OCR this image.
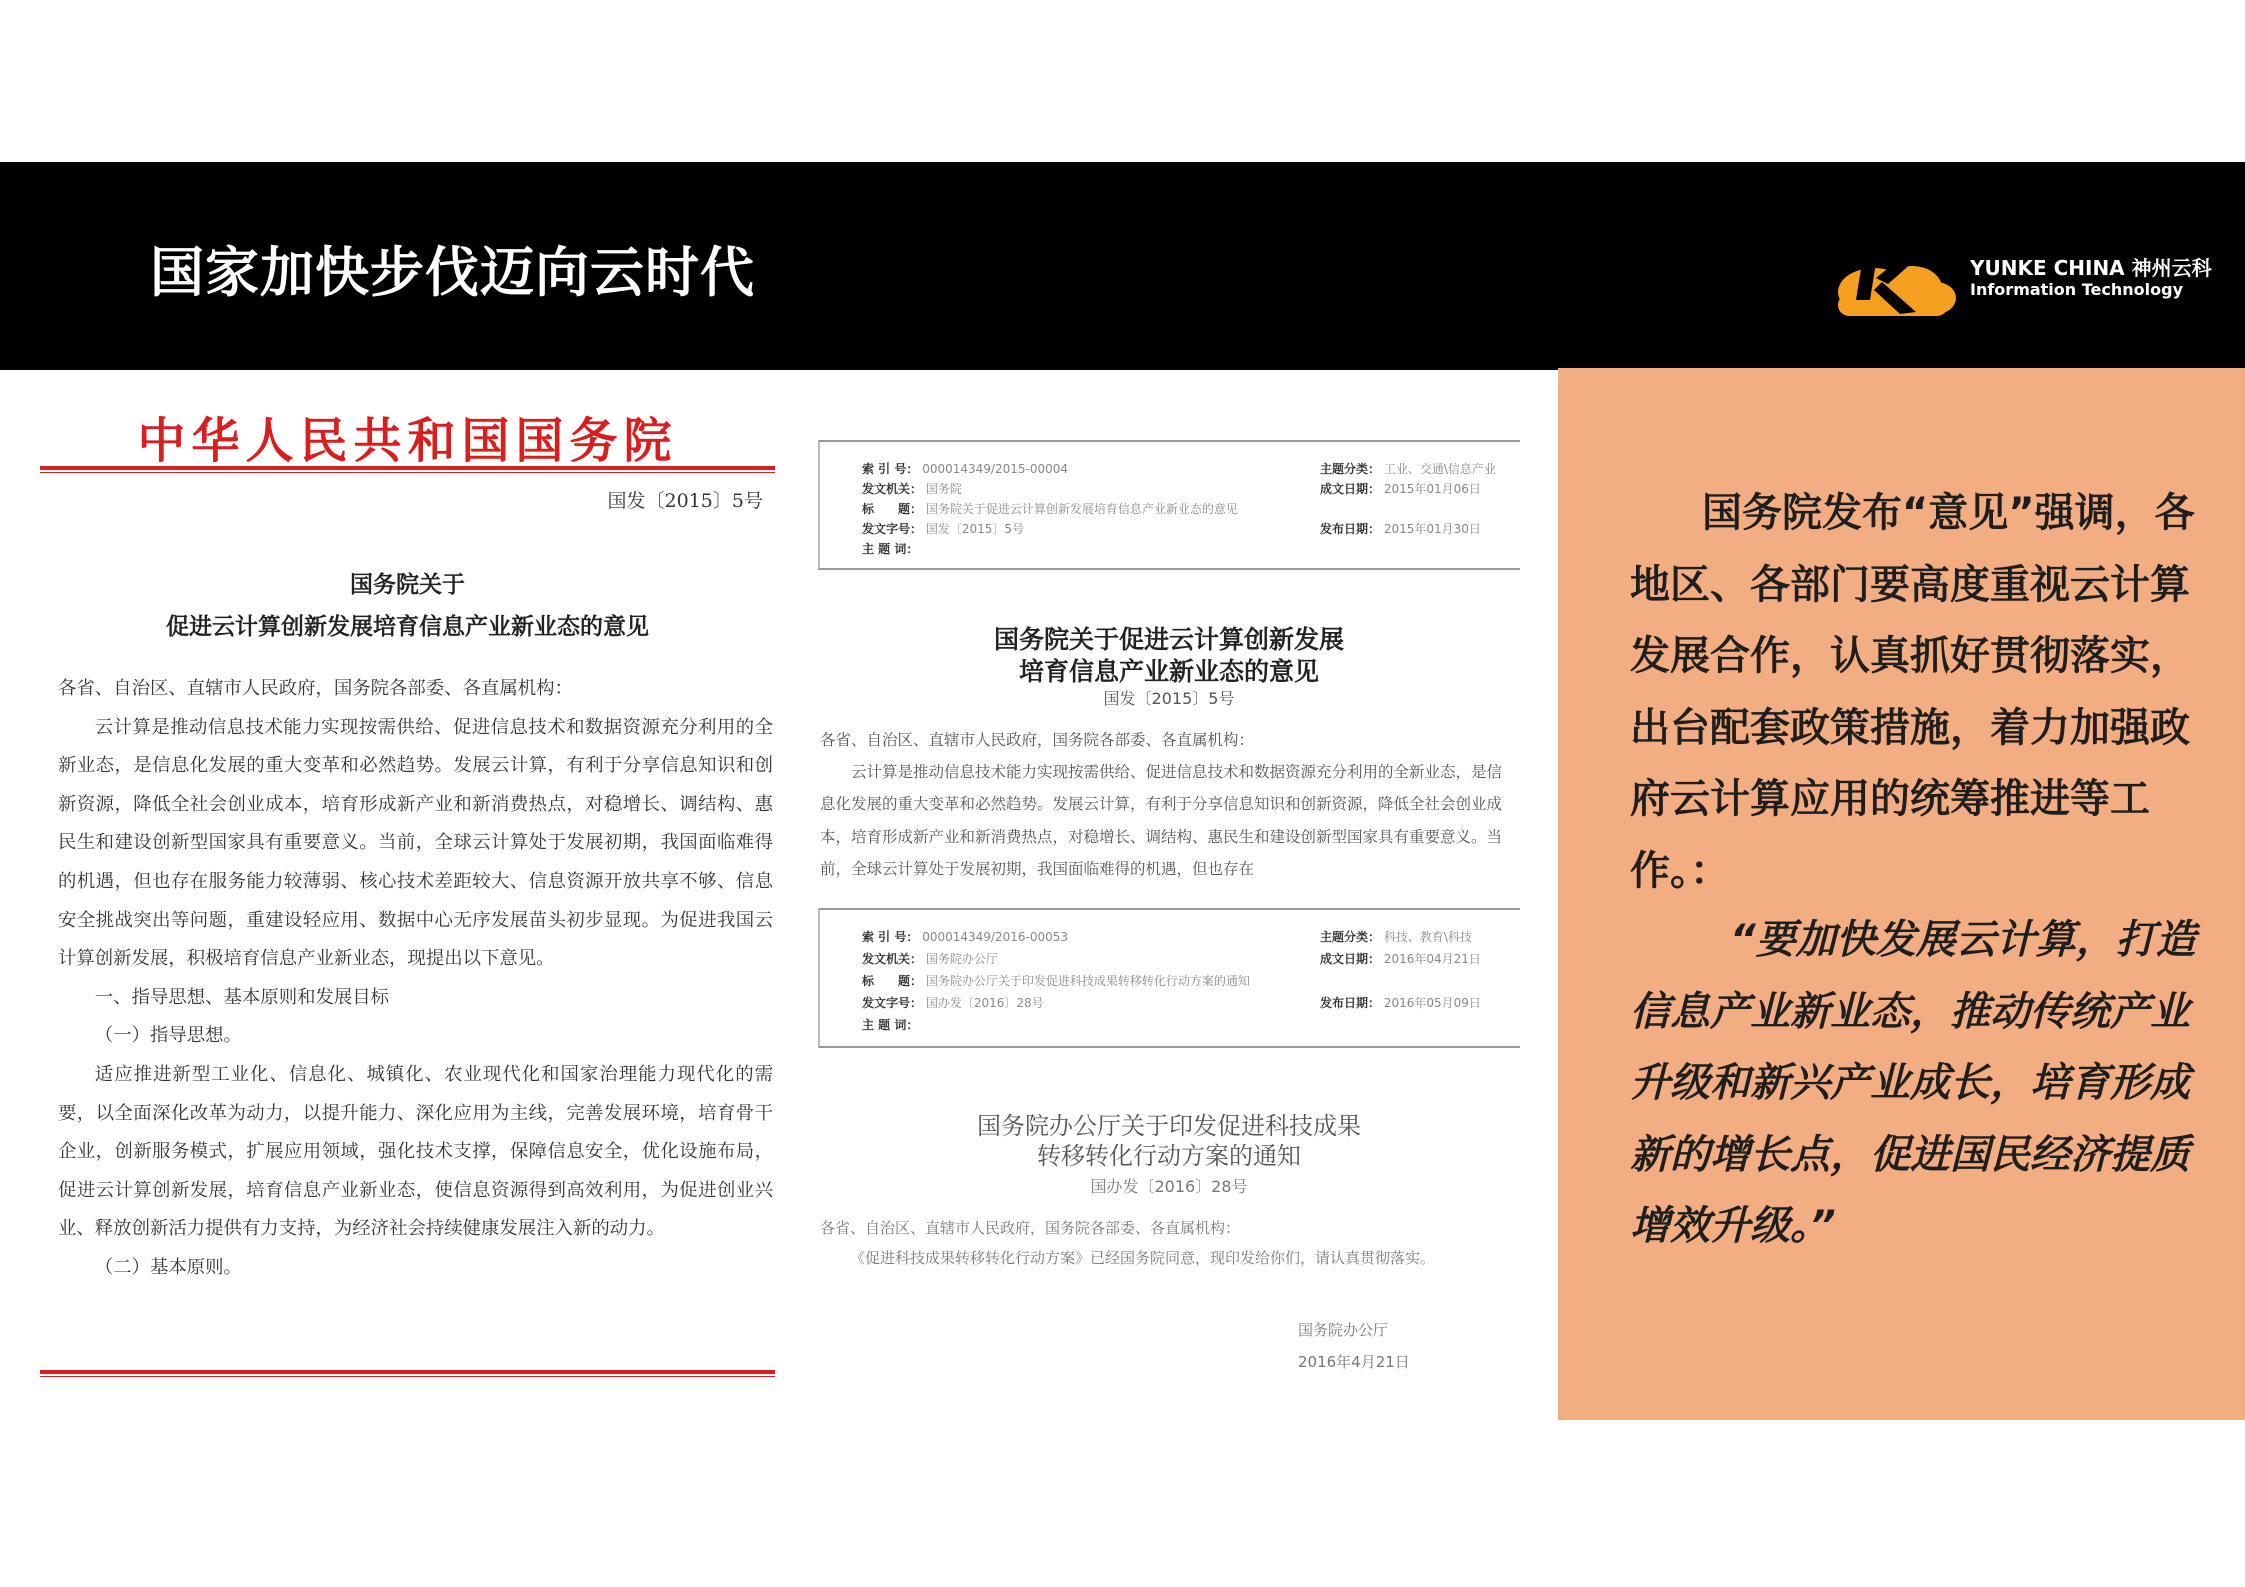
国家加快步伐迈向云时代	YUNKE CHINA 神州云科
Information Technology
中华人民共和国国务院
国发〔2015〕5号
国务院关于
促进云计算创新发展培育信息产业新业态的意见

各省、自治区、直辖市人民政府，国务院各部委、各直属机构：

云计算是推动信息技术能力实现按需供给、促进信息技术和数据资源充分利用的全新业态，是信息化发展的重大变革和必然趋势。发展云计算，有利于分享信息知识和创新资源，降低全社会创业成本，培育形成新产业和新消费热点，对稳增长、调结构、惠民生和建设创新型国家具有重要意义。当前，全球云计算处于发展初期，我国面临难得的机遇，但也存在服务能力较薄弱、核心技术差距较大、信息资源开放共享不够、信息安全挑战突出等问题，重建设轻应用、数据中心无序发展苗头初步显现。为促进我国云计算创新发展，积极培育信息产业新业态，现提出以下意见。

一、指导思想、基本原则和发展目标

（一）指导思想。

适应推进新型工业化、信息化、城镇化、农业现代化和国家治理能力现代化的需要，以全面深化改革为动力，以提升能力、深化应用为主线，完善发展环境，培育骨干企业，创新服务模式，扩展应用领域，强化技术支撑，保障信息安全，优化设施布局，促进云计算创新发展，培育信息产业新业态，使信息资源得到高效利用，为促进创业兴业、释放创新活力提供有力支持，为经济社会持续健康发展注入新的动力。

（二）基本原则。

索 引 号： 000014349/2015-00004
发文机关： 国务院
标　　题： 国务院关于促进云计算创新发展培育信息产业新业态的意见
发文字号： 国发〔2015〕5号
主 题 词：
主题分类： 工业、交通\信息产业
成文日期： 2015年01月06日
发布日期： 2015年01月30日
国务院关于促进云计算创新发展
培育信息产业新业态的意见
国发〔2015〕5号
各省、自治区、直辖市人民政府，国务院各部委、各直属机构：
云计算是推动信息技术能力实现按需供给、促进信息技术和数据资源充分利用的全新业态，是信息化发展的重大变革和必然趋势。发展云计算，有利于分享信息知识和创新资源，降低全社会创业成本，培育形成新产业和新消费热点，对稳增长、调结构、惠民生和建设创新型国家具有重要意义。当前，全球云计算处于发展初期，我国面临难得的机遇，但也存在
索 引 号： 000014349/2016-00053
发文机关： 国务院办公厅
标　　题： 国务院办公厅关于印发促进科技成果转移转化行动方案的通知
发文字号： 国办发〔2016〕28号
主 题 词：
主题分类： 科技、教育\科技
成文日期： 2016年04月21日
发布日期： 2016年05月09日
国务院办公厅关于印发促进科技成果
转移转化行动方案的通知
国办发〔2016〕28号
各省、自治区、直辖市人民政府，国务院各部委、各直属机构：
《促进科技成果转移转化行动方案》已经国务院同意，现印发给你们，请认真贯彻落实。
国务院办公厅
2016年4月21日
国务院发布“意见”强调，各地区、各部门要高度重视云计算发展合作，认真抓好贯彻落实，出台配套政策措施，着力加强政府云计算应用的统筹推进等工作。：
“要加快发展云计算，打造信息产业新业态，推动传统产业升级和新兴产业成长，培育形成新的增长点，促进国民经济提质增效升级。”
